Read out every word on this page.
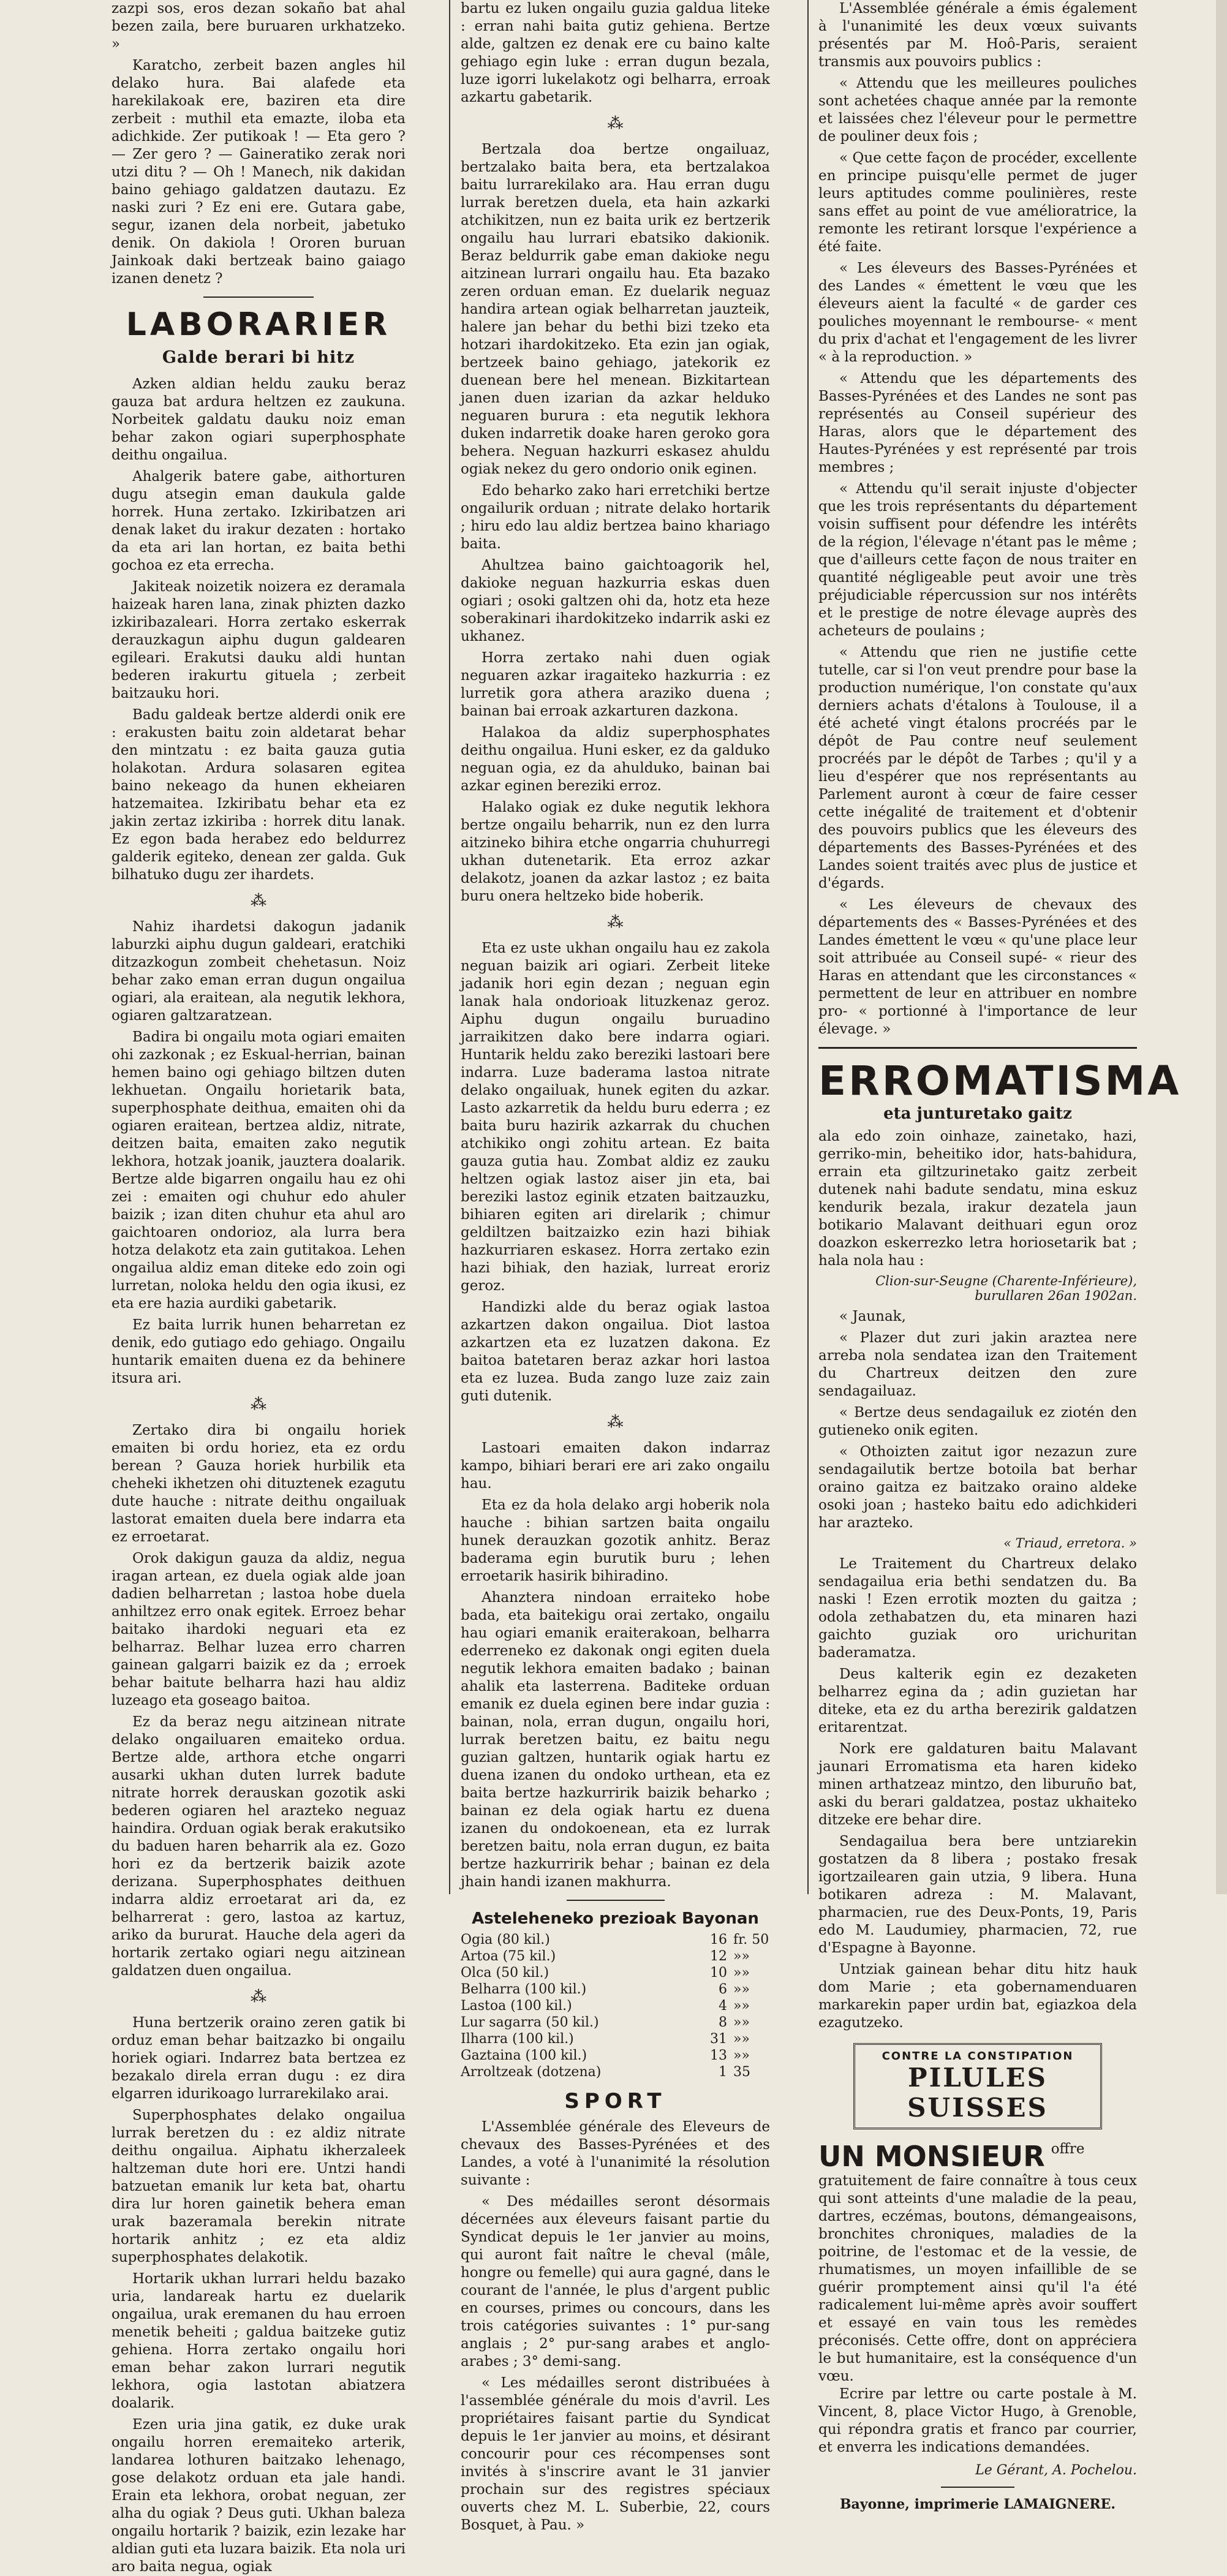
zazpi sos, eros dezan sokaño bat ahal bezen zaila, bere buruaren urkhatzeko. »

Karatcho, zerbeit bazen angles hil delako hura. Bai alafede eta harekilakoak ere, baziren eta dire zerbeit : muthil eta emazte, iloba eta adichkide. Zer putikoak ! — Eta gero ? — Zer gero ? — Gaineratiko zerak nori utzi ditu ? — Oh ! Manech, nik dakidan baino gehiago galdatzen dautazu. Ez naski zuri ? Ez eni ere. Gutara gabe, segur, izanen dela norbeit, jabetuko denik. On dakiola ! Ororen buruan Jainkoak daki bertzeak baino gaiago izanen denetz ?

LABORARIER
Galde berari bi hitz

Azken aldian heldu zauku beraz gauza bat ardura heltzen ez zaukuna. Norbeitek galdatu dauku noiz eman behar zakon ogiari superphosphate deithu ongailua.

Ahalgerik batere gabe, aithorturen dugu atsegin eman daukula galde horrek. Huna zertako. Izkiribatzen ari denak laket du irakur dezaten : hortako da eta ari lan hortan, ez baita bethi gochoa ez eta errecha.

Jakiteak noizetik noizera ez deramala haizeak haren lana, zinak phizten dazko izkiribazaleari. Horra zertako eskerrak derauzkagun aiphu dugun galdearen egileari. Erakutsi dauku aldi huntan bederen irakurtu gituela ; zerbeit baitzauku hori.

Badu galdeak bertze alderdi onik ere : erakusten baitu zoin aldetarat behar den mintzatu : ez baita gauza gutia holakotan. Ardura solasaren egitea baino nekeago da hunen ekheiaren hatzemaitea. Izkiribatu behar eta ez jakin zertaz izkiriba : horrek ditu lanak. Ez egon bada herabez edo beldurrez galderik egiteko, denean zer galda. Guk bilhatuko dugu zer ihardets.

⁂

Nahiz ihardetsi dakogun jadanik laburzki aiphu dugun galdeari, eratchiki ditzazkogun zombeit chehetasun. Noiz behar zako eman erran dugun ongailua ogiari, ala eraitean, ala negutik lekhora, ogiaren galtzaratzean.

Badira bi ongailu mota ogiari emaiten ohi zazkonak ; ez Eskual-herrian, bainan hemen baino ogi gehiago biltzen duten lekhuetan. Ongailu horietarik bata, superphosphate deithua, emaiten ohi da ogiaren eraitean, bertzea aldiz, nitrate, deitzen baita, emaiten zako negutik lekhora, hotzak joanik, jauztera doalarik. Bertze alde bigarren ongailu hau ez ohi zei : emaiten ogi chuhur edo ahuler baizik ; izan diten chuhur eta ahul aro gaichtoaren ondorioz, ala lurra bera hotza delakotz eta zain gutitakoa. Lehen ongailua aldiz eman diteke edo zoin ogi lurretan, noloka heldu den ogia ikusi, ez eta ere hazia aurdiki gabetarik.

Ez baita lurrik hunen beharretan ez denik, edo gutiago edo gehiago. Ongailu huntarik emaiten duena ez da behinere itsura ari.

⁂

Zertako dira bi ongailu horiek emaiten bi ordu horiez, eta ez ordu berean ? Gauza horiek hurbilik eta cheheki ikhetzen ohi dituztenek ezagutu dute hauche : nitrate deithu ongailuak lastorat emaiten duela bere indarra eta ez erroetarat.

Orok dakigun gauza da aldiz, negua iragan artean, ez duela ogiak alde joan dadien belharretan ; lastoa hobe duela anhiltzez erro onak egitek. Erroez behar baitako ihardoki neguari eta ez belharraz. Belhar luzea erro charren gainean galgarri baizik ez da ; erroek behar baitute belharra hazi hau aldiz luzeago eta goseago baitoa.

Ez da beraz negu aitzinean nitrate delako ongailuaren emaiteko ordua. Bertze alde, arthora etche ongarri ausarki ukhan duten lurrek badute nitrate horrek derauskan gozotik aski bederen ogiaren hel arazteko neguaz haindira. Orduan ogiak berak erakutsiko du baduen haren beharrik ala ez. Gozo hori ez da bertzerik baizik azote derizana. Superphosphates deithuen indarra aldiz erroetarat ari da, ez belharrerat : gero, lastoa az kartuz, ariko da bururat. Hauche dela ageri da hortarik zertako ogiari negu aitzinean galdatzen duen ongailua.

⁂

Huna bertzerik oraino zeren gatik bi orduz eman behar baitzazko bi ongailu horiek ogiari. Indarrez bata bertzea ez bezakalo direla erran dugu : ez dira elgarren idurikoago lurrarekilako arai.

Superphosphates delako ongailua lurrak beretzen du : ez aldiz nitrate deithu ongailua. Aiphatu ikherzaleek haltzeman dute hori ere. Untzi handi batzuetan emanik lur keta bat, ohartu dira lur horen gainetik behera eman urak bazeramala berekin nitrate hortarik anhitz ; ez eta aldiz superphosphates delakotik.

Hortarik ukhan lurrari heldu bazako uria, landareak hartu ez duelarik ongailua, urak eremanen du hau erroen menetik beheiti ; galdua baitzeke gutiz gehiena. Horra zertako ongailu hori eman behar zakon lurrari negutik lekhora, ogia lastotan abiatzera doalarik.

Ezen uria jina gatik, ez duke urak ongailu horren eremaiteko arterik, landarea lothuren baitzako lehenago, gose delakotz orduan eta jale handi. Erain eta lekhora, orobat neguan, zer alha du ogiak ? Deus guti. Ukhan balezа ongailu hortarik ? baizik, ezin lezake har aldian guti eta luzara baizik. Eta nola uri aro baita negua, ogiak

bartu ez luken ongailu guzia galdua liteke : erran nahi baita gutiz gehiena. Bertze alde, galtzen ez denak ere cu baino kalte gehiago egin luke : erran dugun bezala, luze igorri lukelakotz ogi belharra, erroak azkartu gabetarik.

⁂

Bertzala doa bertze ongailuaz, bertzalako baita bera, eta bertzalakoa baitu lurrarekilako ara. Hau erran dugu lurrak beretzen duela, eta hain azkarki atchikitzen, nun ez baita urik ez bertzerik ongailu hau lurrari ebatsiko dakionik. Beraz beldurrik gabe eman dakioke negu aitzinean lurrari ongailu hau. Eta bazako zeren orduan eman. Ez duelarik neguaz handira artean ogiak belharretan jauzteik, halere jan behar du bethi bizi tzeko eta hotzari ihardokitzeko. Eta ezin jan ogiak, bertzeek baino gehiago, jatekorik ez duenean bere hel menean. Bizkitartean janen duen izarian da azkar helduko neguaren burura : eta negutik lekhora duken indarretik doake haren geroko gora behera. Neguan hazkurri eskasez ahuldu ogiak nekez du gero ondorio onik eginen.

Edo beharko zako hari erretchiki bertze ongailurik orduan ; nitrate delako hortarik ; hiru edo lau aldiz bertzea baino khariago baita.

Ahultzea baino gaichtoagorik hel, dakioke neguan hazkurria eskas duen ogiari ; osoki galtzen ohi da, hotz eta heze soberakinari ihardokitzeko indarrik aski ez ukhanez.

Horra zertako nahi duen ogiak neguaren azkar iragaiteko hazkurria : ez lurretik gora athera araziko duena ; bainan bai erroak azkarturen dazkona.

Halakoa da aldiz superphosphates deithu ongailua. Huni esker, ez da galduko neguan ogia, ez da ahulduko, bainan bai azkar eginen bereziki erroz.

Halako ogiak ez duke negutik lekhora bertze ongailu beharrik, nun ez den lurra aitzineko bihira etche ongarria chuhurregi ukhan dutenetarik. Eta erroz azkar delakotz, joanen da azkar lastoz ; ez baita buru onera heltzeko bide hoberik.

⁂

Eta ez uste ukhan ongailu hau ez zakola neguan baizik ari ogiari. Zerbeit liteke jadanik hori egin dezan ; neguan egin lanak hala ondorioak lituzkenaz geroz. Aiphu dugun ongailu buruadino jarraikitzen dako bere indarra ogiari. Huntarik heldu zako bereziki lastoari bere indarra. Luze baderama lastoa nitrate delako ongailuak, hunek egiten du azkar. Lasto azkarretik da heldu buru ederra ; ez baita buru hazirik azkarrak du chuchen atchikiko ongi zohitu artean. Ez baita gauza gutia hau. Zombat aldiz ez zauku heltzen ogiak lastoz aiser jin eta, bai bereziki lastoz eginik etzaten baitzauzku, bihiaren egiten ari direlarik ; chimur geldiltzen baitzaizko ezin hazi bihiak hazkurriaren eskasez. Horra zertako ezin hazi bihiak, den haziak, lurreat eroriz geroz.

Handizki alde du beraz ogiak lastoa azkartzen dakon ongailua. Diot lastoa azkartzen eta ez luzatzen dakona. Ez baitoa batetaren beraz azkar hori lastoa eta ez luzea. Buda zango luze zaiz zain guti dutenik.

⁂

Lastoari emaiten dakon indarraz kampo, bihiari berari ere ari zako ongailu hau.

Eta ez da hola delako argi hoberik nola hauche : bihian sartzen baita ongailu hunek derauzkan gozotik anhitz. Beraz baderama egin burutik buru ; lehen erroetarik hasirik bihiradino.

Ahanztera nindoan erraiteko hobe bada, eta baitekigu orai zertako, ongailu hau ogiari emanik eraiterakoan, belharra ederreneko ez dakonak ongi egiten duela negutik lekhora emaiten badako ; bainan ahalik eta lasterrena. Baditeke orduan emanik ez duela eginen bere indar guzia : bainan, nola, erran dugun, ongailu hori, lurrak beretzen baitu, ez baitu negu guzian galtzen, huntarik ogiak hartu ez duena izanen du ondoko urthean, eta ez baita bertze hazkurririk baizik beharko ; bainan ez dela ogiak hartu ez duena izanen du ondokoenean, eta ez lurrak beretzen baitu, nola erran dugun, ez baita bertze hazkurririk behar ; bainan ez dela jhain handi izanen makhurra.

Asteleheneko prezioak Bayonan
Ogia (80 kil.)	16	fr. 50
Artoa (75 kil.)	12	»»
Olca (50 kil.)	10	»»
Belharra (100 kil.)	6	»»
Lastoa (100 kil.)	4	»»
Lur sagarra (50 kil.)	8	»»
Ilharra (100 kil.)	31	»»
Gaztaina (100 kil.)	13	»»
Arroltzeak (dotzena)	1	35
SPORT

L'Assemblée générale des Eleveurs de chevaux des Basses-Pyrénées et des Landes, a voté à l'unanimité la résolution suivante :

« Des médailles seront désormais décernées aux éleveurs faisant partie du Syndicat depuis le 1er janvier au moins, qui auront fait naître le cheval (mâle, hongre ou femelle) qui aura gagné, dans le courant de l'année, le plus d'argent public en courses, primes ou concours, dans les trois catégories suivantes : 1° pur-sang anglais ; 2° pur-sang arabes et anglo-arabes ; 3° demi-sang.

« Les médailles seront distribuées à l'assemblée générale du mois d'avril. Les propriétaires faisant partie du Syndicat depuis le 1er janvier au moins, et désirant concourir pour ces récompenses sont invités à s'inscrire avant le 31 janvier prochain sur des registres spéciaux ouverts chez M. L. Suberbie, 22, cours Bosquet, à Pau. »

L'Assemblée générale a émis également à l'unanimité les deux vœux suivants présentés par M. Hoô-Paris, seraient transmis aux pouvoirs publics :

« Attendu que les meilleures pouliches sont achetées chaque année par la remonte et laissées chez l'éleveur pour le permettre de pouliner deux fois ;

« Que cette façon de procéder, excellente en principe puisqu'elle permet de juger leurs aptitudes comme poulinières, reste sans effet au point de vue amélioratrice, la remonte les retirant lorsque l'expérience a été faite.

« Les éleveurs des Basses-Pyrénées et des Landes « émettent le vœu que les éleveurs aient la faculté « de garder ces pouliches moyennant le rembourse- « ment du prix d'achat et l'engagement de les livrer « à la reproduction. »

« Attendu que les départements des Basses-Pyrénées et des Landes ne sont pas représentés au Conseil supérieur des Haras, alors que le département des Hautes-Pyrénées y est représenté par trois membres ;

« Attendu qu'il serait injuste d'objecter que les trois représentants du département voisin suffisent pour défendre les intérêts de la région, l'élevage n'étant pas le même ; que d'ailleurs cette façon de nous traiter en quantité négligeable peut avoir une très préjudiciable répercussion sur nos intérêts et le prestige de notre élevage auprès des acheteurs de poulains ;

« Attendu que rien ne justifie cette tutelle, car si l'on veut prendre pour base la production numérique, l'on constate qu'aux derniers achats d'étalons à Toulouse, il a été acheté vingt étalons procréés par le dépôt de Pau contre neuf seulement procréés par le dépôt de Tarbes ; qu'il y a lieu d'espérer que nos représentants au Parlement auront à cœur de faire cesser cette inégalité de traitement et d'obtenir des pouvoirs publics que les éleveurs des départements des Basses-Pyrénées et des Landes soient traités avec plus de justice et d'égards.

« Les éleveurs de chevaux des départements des « Basses-Pyrénées et des Landes émettent le vœu « qu'une place leur soit attribuée au Conseil supé- « rieur des Haras en attendant que les circonstances « permettent de leur en attribuer en nombre pro- « portionné à l'importance de leur élevage. »

ERROMATISMA
eta junturetako gaitz

ala edo zoin oinhaze, zainetako, hazi, gerriko-min, beheitiko idor, hats-bahidura, errain eta giltzurinetako gaitz zerbeit dutenek nahi badute sendatu, mina eskuz kendurik bezala, irakur dezatela jaun botikario Malavant deithuari egun oroz doazkon eskerrezko letra horiosetarik bat ; hala nola hau :

Clion-sur-Seugne (Charente-Inférieure), burullaren 26an 1902an.

« Jaunak,

« Plazer dut zuri jakin araztea nere arreba nola sendatea izan den Traitement du Chartreux deitzen den zure sendagailuaz.

« Bertze deus sendagailuk ez ziotén den gutieneko onik egiten.

« Othoizten zaitut igor nezazun zure sendagailutik bertze botoila bat berhar oraino gaitza ez baitzako oraino aldeke osoki joan ; hasteko baitu edo adichkideri har arazteko.

« Triaud, erretora. »

Le Traitement du Chartreux delako sendagailua eria bethi sendatzen du. Ba naski ! Ezen errotik mozten du gaitza ; odola zethabatzen du, eta minaren hazi gaichto guziak oro urichuritan baderamatza.

Deus kalterik egin ez dezaketen belharrez egina da ; adin guzietan har diteke, eta ez du artha berezirik galdatzen eritarentzat.

Nork ere galdaturen baitu Malavant jaunari Erromatisma eta haren kideko minen arthatzeaz mintzo, den liburuño bat, aski du berari galdatzea, postaz ukhaiteko ditzeke ere behar dire.

Sendagailua bera bere untziarekin gostatzen da 8 libera ; postako fresak igortzailearen gain utzia, 9 libera. Huna botikaren adreza : M. Malavant, pharmacien, rue des Deux-Ponts, 19, Paris edo M. Laudumiey, pharmacien, 72, rue d'Espagne à Bayonne.

Untziak gainean behar ditu hitz hauk dom Marie ; eta gobernamenduaren markarekin paper urdin bat, egiazkoa dela ezagutzeko.

CONTRE LA CONSTIPATION
PILULES SUISSES
UN MONSIEUR offre gratuitement de faire connaître à tous ceux qui sont atteints d'une maladie de la peau, dartres, eczémas, boutons, démangeaisons, bronchites chroniques, maladies de la poitrine, de l'estomac et de la vessie, de rhumatismes, un moyen infaillible de se guérir promptement ainsi qu'il l'a été radicalement lui-même après avoir souffert et essayé en vain tous les remèdes préconisés. Cette offre, dont on appréciera le but humanitaire, est la conséquence d'un vœu.

Ecrire par lettre ou carte postale à M. Vincent, 8, place Victor Hugo, à Grenoble, qui répondra gratis et franco par courrier, et enverra les indications demandées.

Le Gérant, A. Pochelou.
Bayonne, imprimerie LAMAIGNERE.
